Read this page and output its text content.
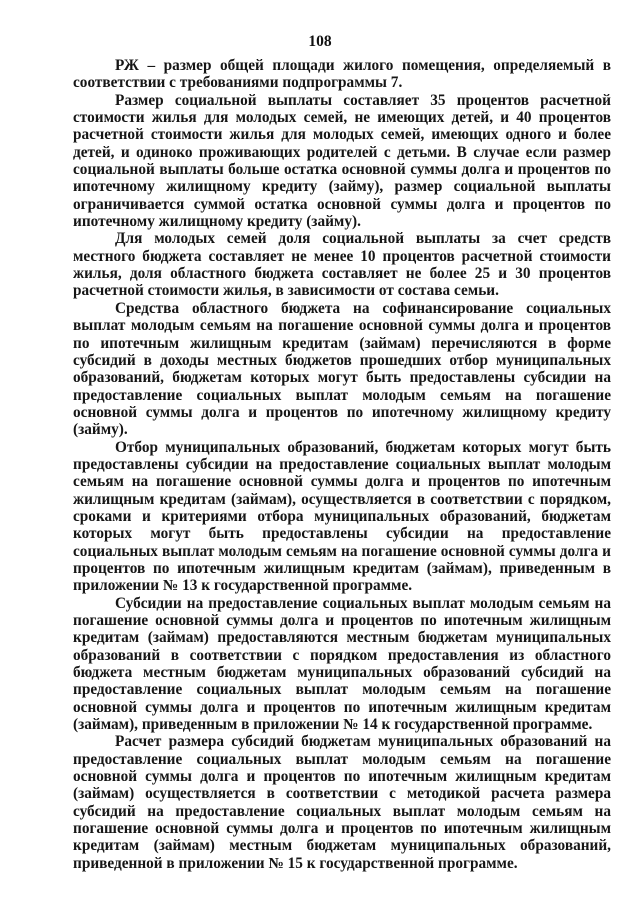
108

РЖ – размер общей площади жилого помещения, определяемый в соответствии с требованиями подпрограммы 7.

Размер социальной выплаты составляет 35 процентов расчетной стоимости жилья для молодых семей, не имеющих детей, и 40 процентов расчетной стоимости жилья для молодых семей, имеющих одного и более детей, и одиноко проживающих родителей с детьми. В случае если размер социальной выплаты больше остатка основной суммы долга и процентов по ипотечному жилищному кредиту (займу), размер социальной выплаты ограничивается суммой остатка основной суммы долга и процентов по ипотечному жилищному кредиту (займу).

Для молодых семей доля социальной выплаты за счет средств местного бюджета составляет не менее 10 процентов расчетной стоимости жилья, доля областного бюджета составляет не более 25 и 30 процентов расчетной стоимости жилья, в зависимости от состава семьи.

Средства областного бюджета на софинансирование социальных выплат молодым семьям на погашение основной суммы долга и процентов по ипотечным жилищным кредитам (займам) перечисляются в форме субсидий в доходы местных бюджетов прошедших отбор муниципальных образований, бюджетам которых могут быть предоставлены субсидии на предоставление социальных выплат молодым семьям на погашение основной суммы долга и процентов по ипотечному жилищному кредиту (займу).

Отбор муниципальных образований, бюджетам которых могут быть предоставлены субсидии на предоставление социальных выплат молодым семьям на погашение основной суммы долга и процентов по ипотечным жилищным кредитам (займам), осуществляется в соответствии с порядком, сроками и критериями отбора муниципальных образований, бюджетам которых могут быть предоставлены субсидии на предоставление социальных выплат молодым семьям на погашение основной суммы долга и процентов по ипотечным жилищным кредитам (займам), приведенным в приложении № 13 к государственной программе.

Субсидии на предоставление социальных выплат молодым семьям на погашение основной суммы долга и процентов по ипотечным жилищным кредитам (займам) предоставляются местным бюджетам муниципальных образований в соответствии с порядком предоставления из областного бюджета местным бюджетам муниципальных образований субсидий на предоставление социальных выплат молодым семьям на погашение основной суммы долга и процентов по ипотечным жилищным кредитам (займам), приведенным в приложении № 14 к государственной программе.

Расчет размера субсидий бюджетам муниципальных образований на предоставление социальных выплат молодым семьям на погашение основной суммы долга и процентов по ипотечным жилищным кредитам (займам) осуществляется в соответствии с методикой расчета размера субсидий на предоставление социальных выплат молодым семьям на погашение основной суммы долга и процентов по ипотечным жилищным кредитам (займам) местным бюджетам муниципальных образований, приведенной в приложении № 15 к государственной программе.
